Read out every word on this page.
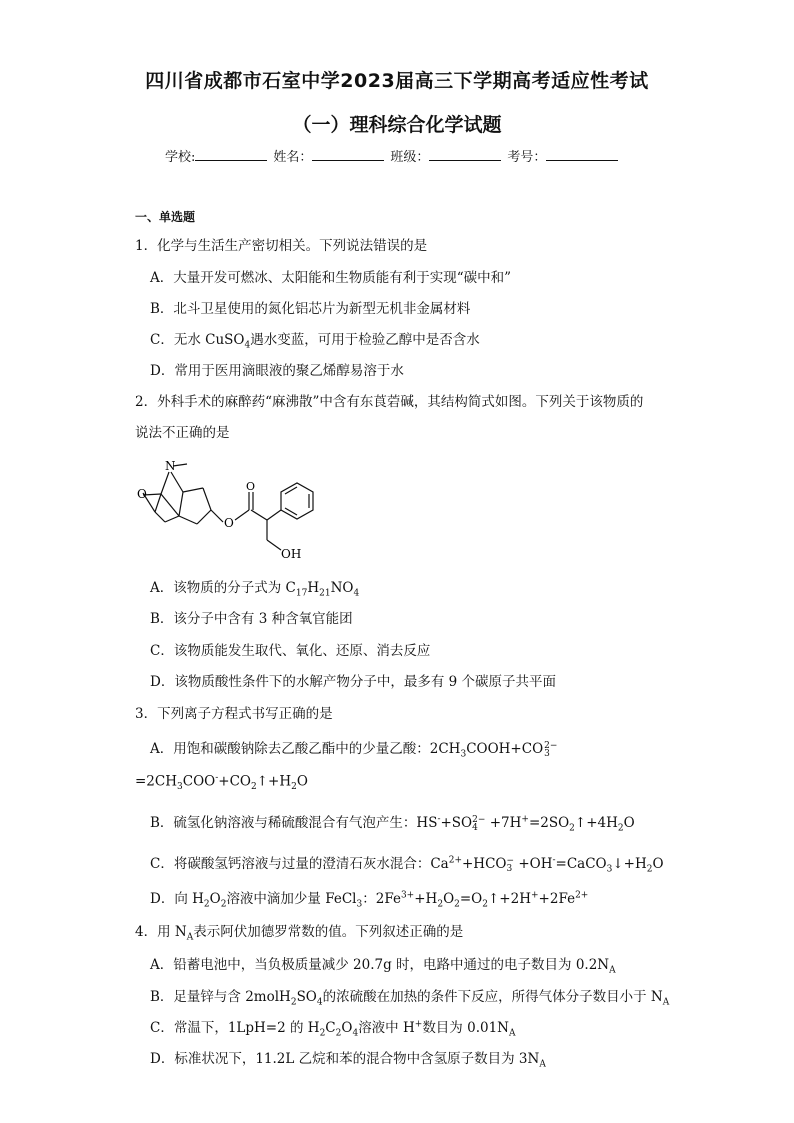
四川省成都市石室中学2023届高三下学期高考适应性考试
（一）理科综合化学试题
学校:	姓名：	班级：	考号：
一、单选题
1．化学与生活生产密切相关。下列说法错误的是
A．大量开发可燃冰、太阳能和生物质能有利于实现“碳中和”
B．北斗卫星使用的氮化铝芯片为新型无机非金属材料
C．无水 CuSO$_4$遇水变蓝，可用于检验乙醇中是否含水
D．常用于医用滴眼液的聚乙烯醇易溶于水
2．外科手术的麻醉药“麻沸散”中含有东莨菪碱，其结构简式如图。下列关于该物质的
说法不正确的是
N
O
O
O
OH
A．该物质的分子式为 $C_{17}H_{21}NO_4$
B．该分子中含有 3 种含氧官能团
C．该物质能发生取代、氧化、还原、消去反应
D．该物质酸性条件下的水解产物分子中，最多有 9 个碳原子共平面
3．下列离子方程式书写正确的是
A．用饱和碳酸钠除去乙酸乙酯中的少量乙酸：$2CH_3COOH+CO$ 2−
3
$=2CH_3COO^-+CO_2↑+H_2O$
B．硫氢化钠溶液与稀硫酸混合有气泡产生：HS-+SO 2−
$4 +7H^+=2SO_2↑+4H_2O$
C．将碳酸氢钙溶液与过量的澄清石灰水混合：$Ca^{2+}+HCO$ −
$3 +OH^-=CaCO_3↓+H_2O$
D．向 $H_2O_2$溶液中滴加少量 FeCl$_3$：$2Fe^{3+}+H_2O_2=O_2↑+2H^++2Fe^{2+}$
4．用 $N_A$表示阿伏加德罗常数的值。下列叙述正确的是
A．铅蓄电池中，当负极质量减少 20.7g 时，电路中通过的电子数目为 $0.2N_A$
B．足量锌与含 $2molH_2SO_4$的浓硫酸在加热的条件下反应，所得气体分子数目小于 $N_A$
C．常温下，1LpH=2 的 $H_2C_2O_4$溶液中 H+数目为 $0.01N_A$
D．标准状况下，11.2L 乙烷和苯的混合物中含氢原子数目为 $3N_A$
